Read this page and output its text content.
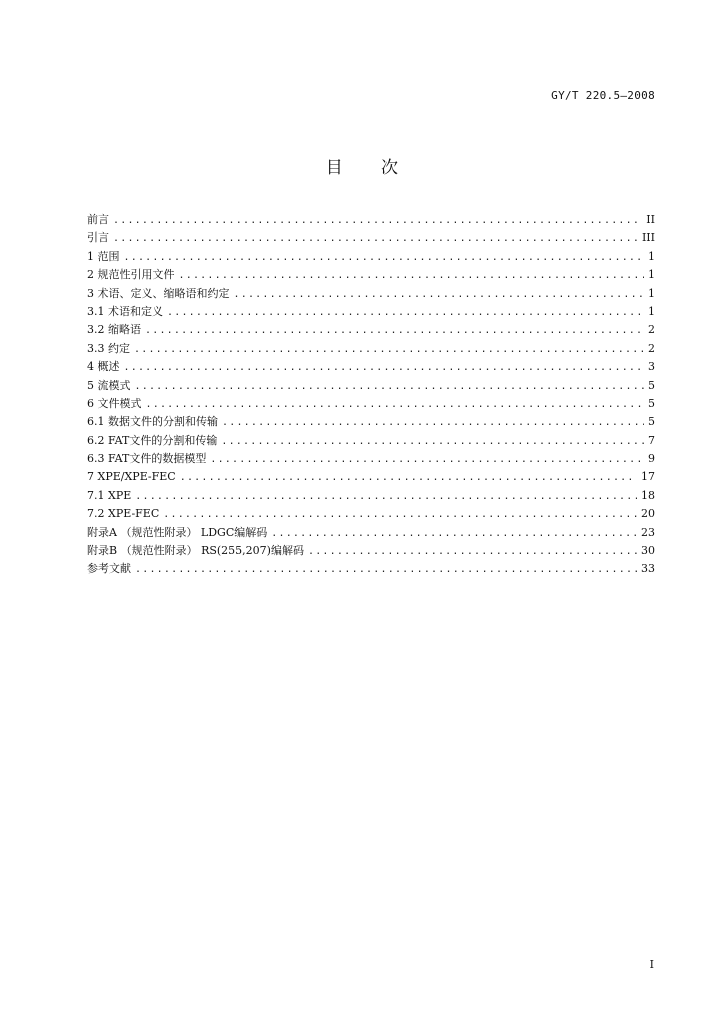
GY/T 220.5—2008
目 次
前言 .....	II
引言 .....	III
1 范围 .....	1
2 规范性引用文件 .....	1
3 术语、定义、缩略语和约定 .....	1
3.1 术语和定义 .....	1
3.2 缩略语 .....	2
3.3 约定 .....	2
4 概述 .....	3
5 流模式 .....	5
6 文件模式 .....	5
6.1 数据文件的分割和传输 .....	5
6.2 FAT文件的分割和传输 .....	7
6.3 FAT文件的数据模型 .....	9
7 XPE/XPE-FEC .....	17
7.1 XPE .....	18
7.2 XPE-FEC .....	20
附录A （规范性附录） LDGC编解码 .....	23
附录B （规范性附录） RS(255,207)编解码 .....	30
参考文献 .....	33
I
